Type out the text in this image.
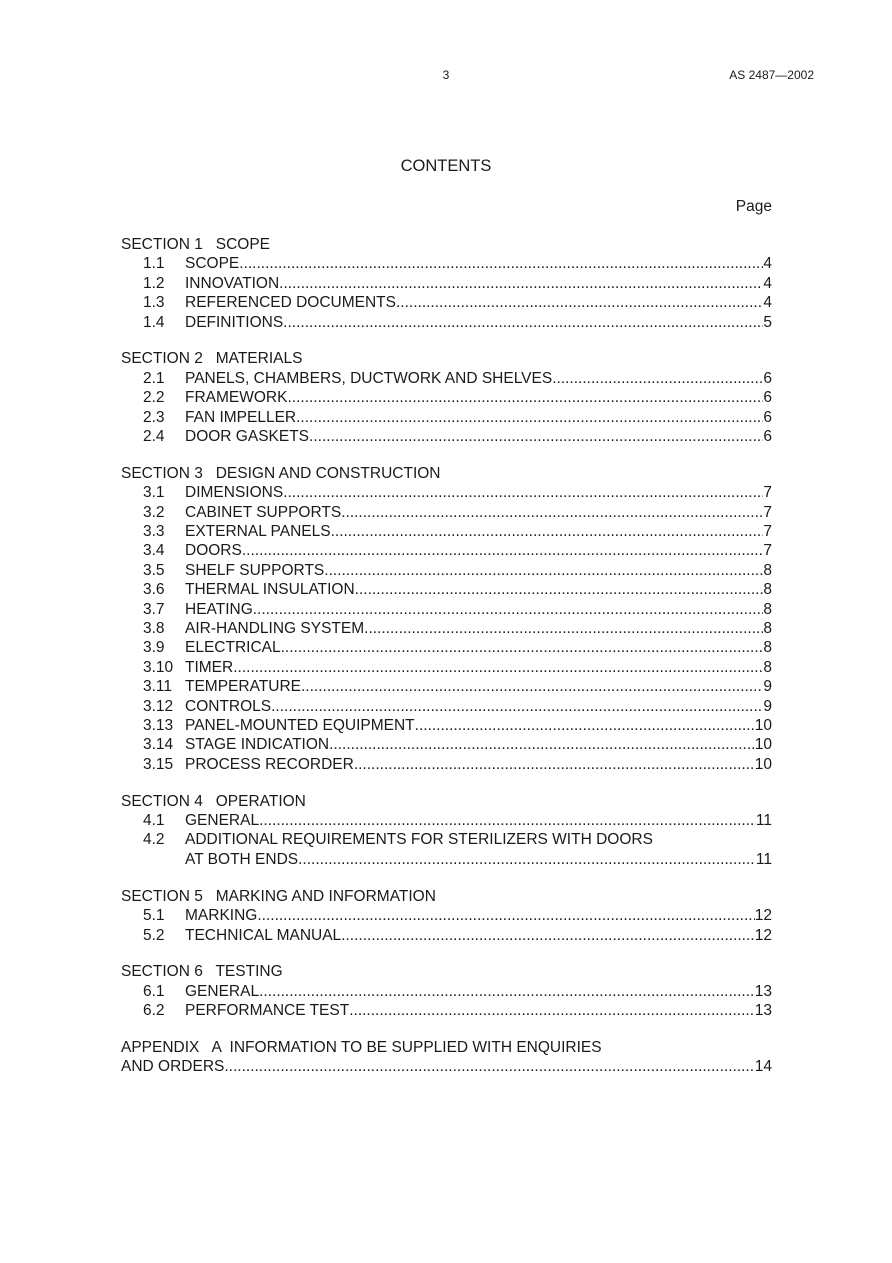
3	AS 2487—2002
CONTENTS
Page
SECTION 1   SCOPE
1.1	SCOPE .....	4
1.2	INNOVATION .....	4
1.3	REFERENCED DOCUMENTS .....	4
1.4	DEFINITIONS .....	5
SECTION 2   MATERIALS
2.1	PANELS, CHAMBERS, DUCTWORK AND SHELVES .....	6
2.2	FRAMEWORK .....	6
2.3	FAN IMPELLER .....	6
2.4	DOOR GASKETS .....	6
SECTION 3   DESIGN AND CONSTRUCTION
3.1	DIMENSIONS .....	7
3.2	CABINET SUPPORTS .....	7
3.3	EXTERNAL PANELS .....	7
3.4	DOORS .....	7
3.5	SHELF SUPPORTS .....	8
3.6	THERMAL INSULATION .....	8
3.7	HEATING .....	8
3.8	AIR-HANDLING SYSTEM .....	8
3.9	ELECTRICAL .....	8
3.10 TIMER .....	8
3.11 TEMPERATURE .....	9
3.12 CONTROLS .....	9
3.13 PANEL-MOUNTED EQUIPMENT .....	10
3.14 STAGE INDICATION .....	10
3.15 PROCESS RECORDER .....	10
SECTION 4   OPERATION
4.1	GENERAL .....	11
4.2	ADDITIONAL REQUIREMENTS FOR STERILIZERS WITH DOORS
AT BOTH ENDS .....	11
SECTION 5   MARKING AND INFORMATION
5.1	MARKING .....	12
5.2	TECHNICAL MANUAL .....	12
SECTION 6   TESTING
6.1	GENERAL .....	13
6.2	PERFORMANCE TEST .....	13
APPENDIX   A  INFORMATION TO BE SUPPLIED WITH ENQUIRIES
AND ORDERS .....	14
